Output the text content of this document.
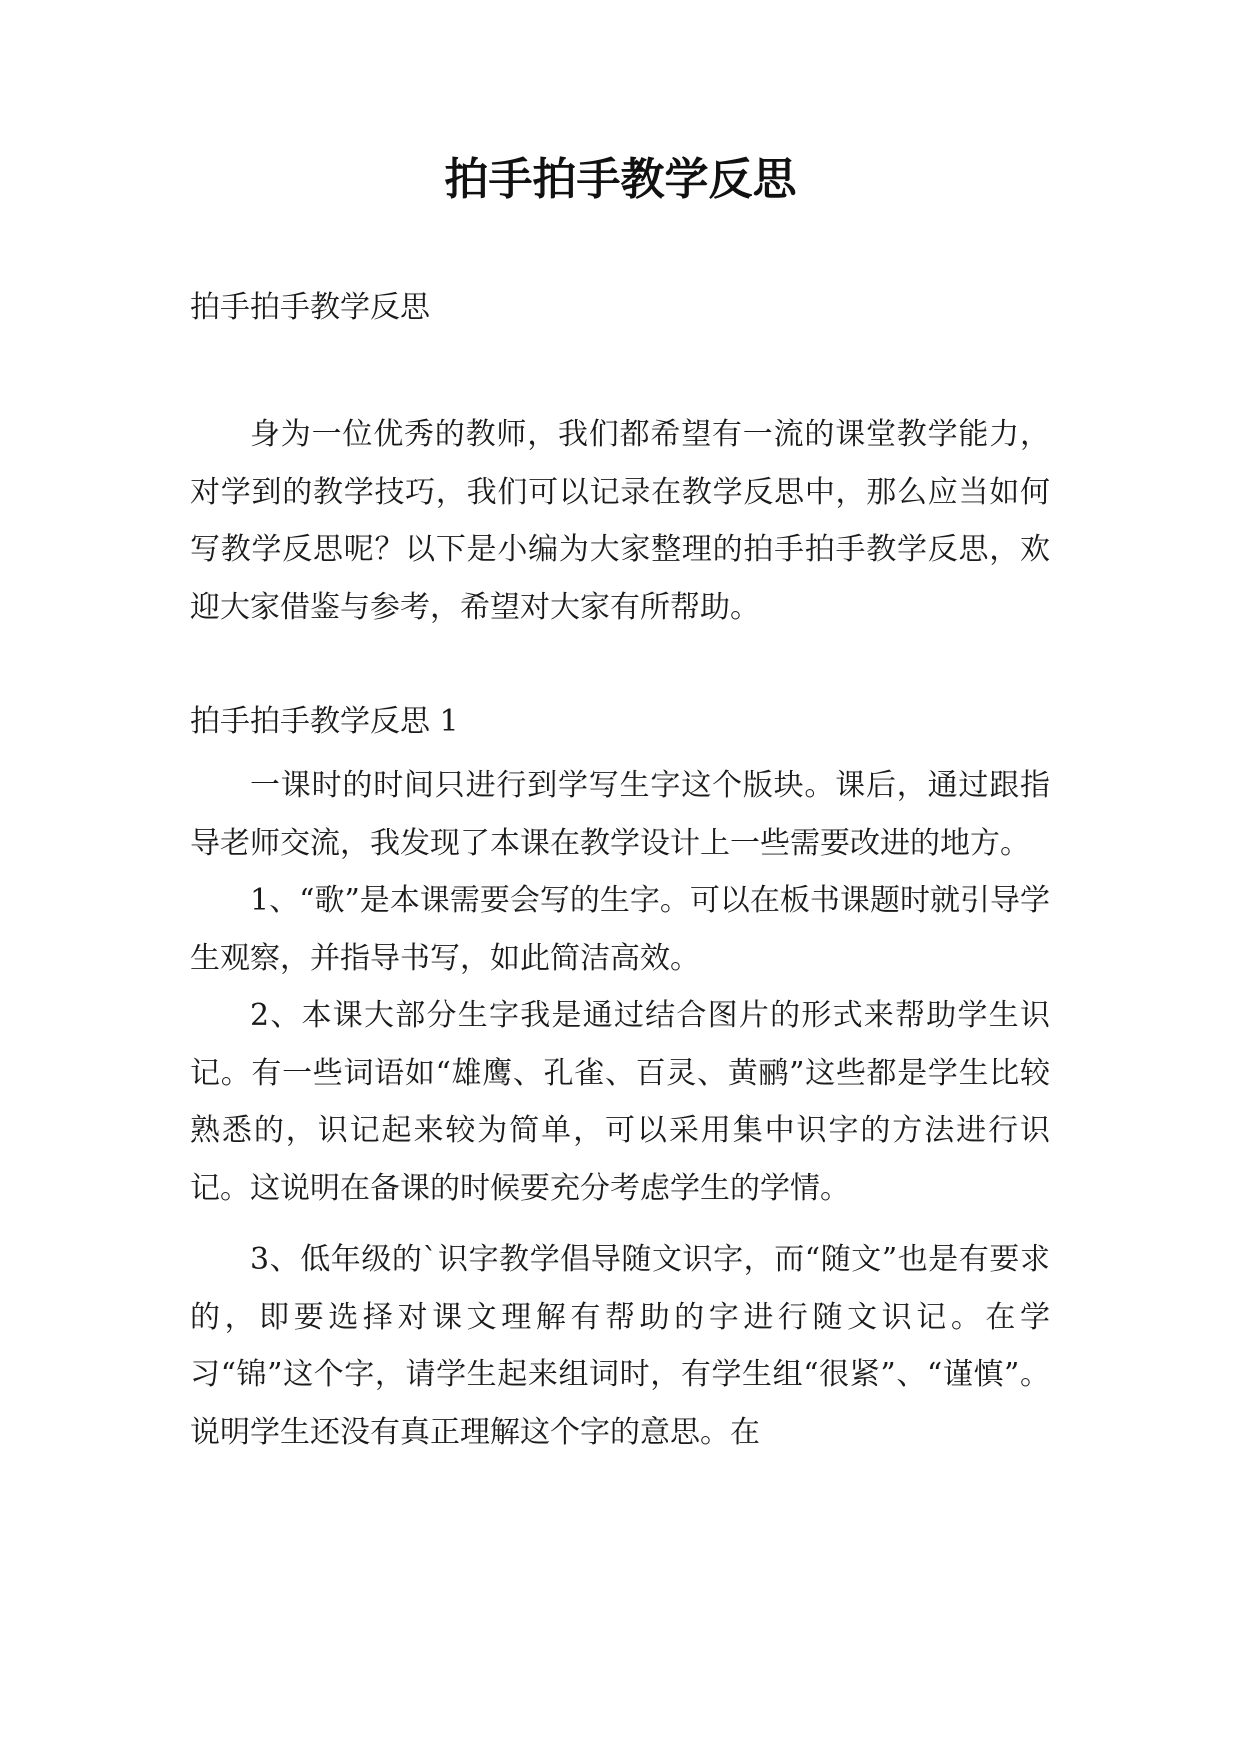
拍手拍手教学反思
拍手拍手教学反思

身为一位优秀的教师，我们都希望有一流的课堂教学能力，对学到的教学技巧，我们可以记录在教学反思中，那么应当如何写教学反思呢？以下是小编为大家整理的拍手拍手教学反思，欢迎大家借鉴与参考，希望对大家有所帮助。

拍手拍手教学反思 1

一课时的时间只进行到学写生字这个版块。课后，通过跟指导老师交流，我发现了本课在教学设计上一些需要改进的地方。

1、“歌”是本课需要会写的生字。可以在板书课题时就引导学生观察，并指导书写，如此简洁高效。

2、本课大部分生字我是通过结合图片的形式来帮助学生识记。有一些词语如“雄鹰、孔雀、百灵、黄鹂”这些都是学生比较熟悉的，识记起来较为简单，可以采用集中识字的方法进行识记。这说明在备课的时候要充分考虑学生的学情。

3、低年级的`识字教学倡导随文识字，而“随文”也是有要求的，即要选择对课文理解有帮助的字进行随文识记。在学习“锦”这个字，请学生起来组词时，有学生组“很紧”、“谨慎”。说明学生还没有真正理解这个字的意思。在
